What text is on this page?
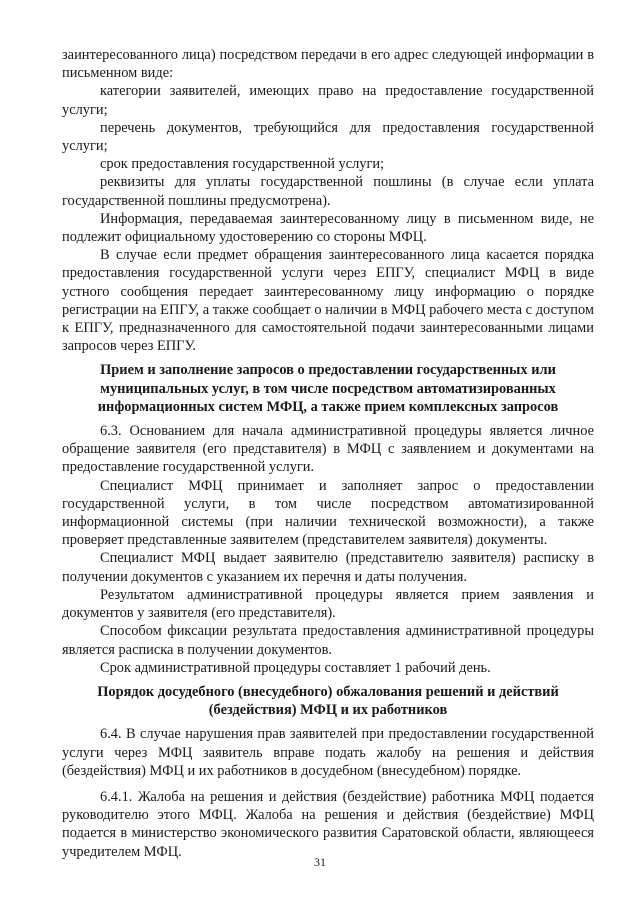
заинтересованного лица) посредством передачи в его адрес следующей информации в письменном виде:

категории заявителей, имеющих право на предоставление государственной услуги;

перечень документов, требующийся для предоставления государственной услуги;

срок предоставления государственной услуги;

реквизиты для уплаты государственной пошлины (в случае если уплата государственной пошлины предусмотрена).

Информация, передаваемая заинтересованному лицу в письменном виде, не подлежит официальному удостоверению со стороны МФЦ.

В случае если предмет обращения заинтересованного лица касается порядка предоставления государственной услуги через ЕПГУ, специалист МФЦ в виде устного сообщения передает заинтересованному лицу информацию о порядке регистрации на ЕПГУ, а также сообщает о наличии в МФЦ рабочего места с доступом к ЕПГУ, предназначенного для самостоятельной подачи заинтересованными лицами запросов через ЕПГУ.

Прием и заполнение запросов о предоставлении государственных или муниципальных услуг, в том числе посредством автоматизированных информационных систем МФЦ, а также прием комплексных запросов

6.3. Основанием для начала административной процедуры является личное обращение заявителя (его представителя) в МФЦ с заявлением и документами на предоставление государственной услуги.

Специалист МФЦ принимает и заполняет запрос о предоставлении государственной услуги, в том числе посредством автоматизированной информационной системы (при наличии технической возможности), а также проверяет представленные заявителем (представителем заявителя) документы.

Специалист МФЦ выдает заявителю (представителю заявителя) расписку в получении документов с указанием их перечня и даты получения.

Результатом административной процедуры является прием заявления и документов у заявителя (его представителя).

Способом фиксации результата предоставления административной процедуры является расписка в получении документов.

Срок административной процедуры составляет 1 рабочий день.

Порядок досудебного (внесудебного) обжалования решений и действий (бездействия) МФЦ и их работников

6.4. В случае нарушения прав заявителей при предоставлении государственной услуги через МФЦ заявитель вправе подать жалобу на решения и действия (бездействия) МФЦ и их работников в досудебном (внесудебном) порядке.

6.4.1. Жалоба на решения и действия (бездействие) работника МФЦ подается руководителю этого МФЦ. Жалоба на решения и действия (бездействие) МФЦ подается в министерство экономического развития Саратовской области, являющееся учредителем МФЦ.

31
